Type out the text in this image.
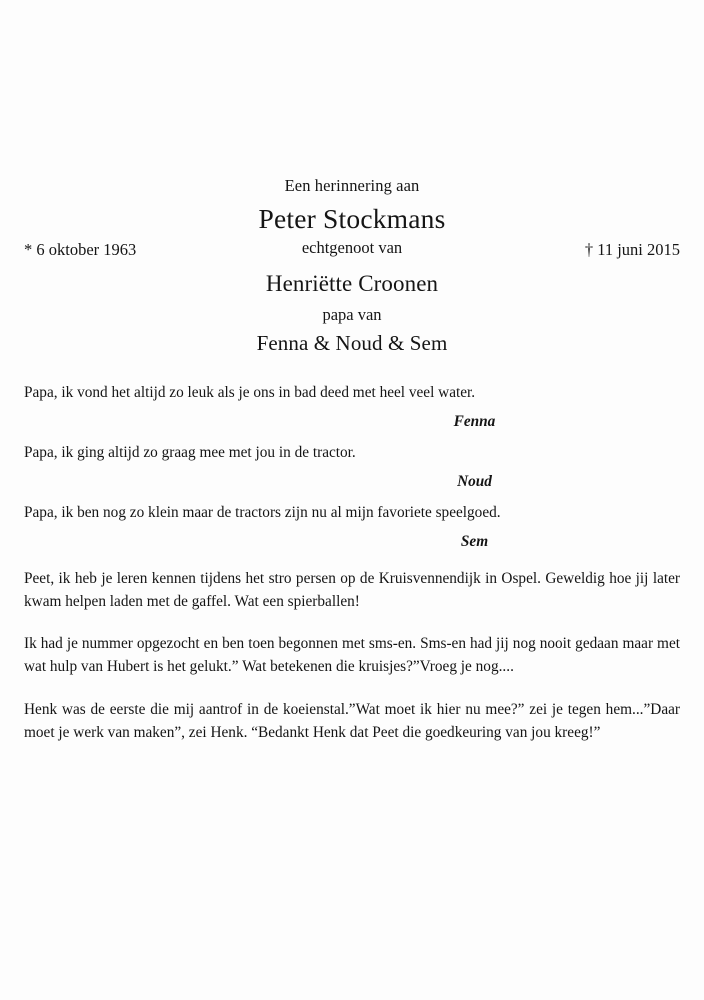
Een herinnering aan
Peter Stockmans
* 6 oktober 1963	echtgenoot van	† 11 juni 2015
Henriëtte Croonen
papa van
Fenna & Noud & Sem
Papa, ik vond het altijd zo leuk als je ons in bad deed met heel veel water.
Fenna
Papa, ik ging altijd zo graag mee met jou in de tractor.
Noud
Papa, ik ben nog zo klein maar de tractors zijn nu al mijn favoriete speelgoed.
Sem

Peet, ik heb je leren kennen tijdens het stro persen op de Kruisvennendijk in Ospel. Geweldig hoe jij later kwam helpen laden met de gaffel. Wat een spierballen!

Ik had je nummer opgezocht en ben toen begonnen met sms-en. Sms-en had jij nog nooit gedaan maar met wat hulp van Hubert is het gelukt.” Wat betekenen die kruisjes?”Vroeg je nog....

Henk was de eerste die mij aantrof in de koeienstal.”Wat moet ik hier nu mee?” zei je tegen hem...”Daar moet je werk van maken”, zei Henk. “Bedankt Henk dat Peet die goedkeuring van jou kreeg!”
